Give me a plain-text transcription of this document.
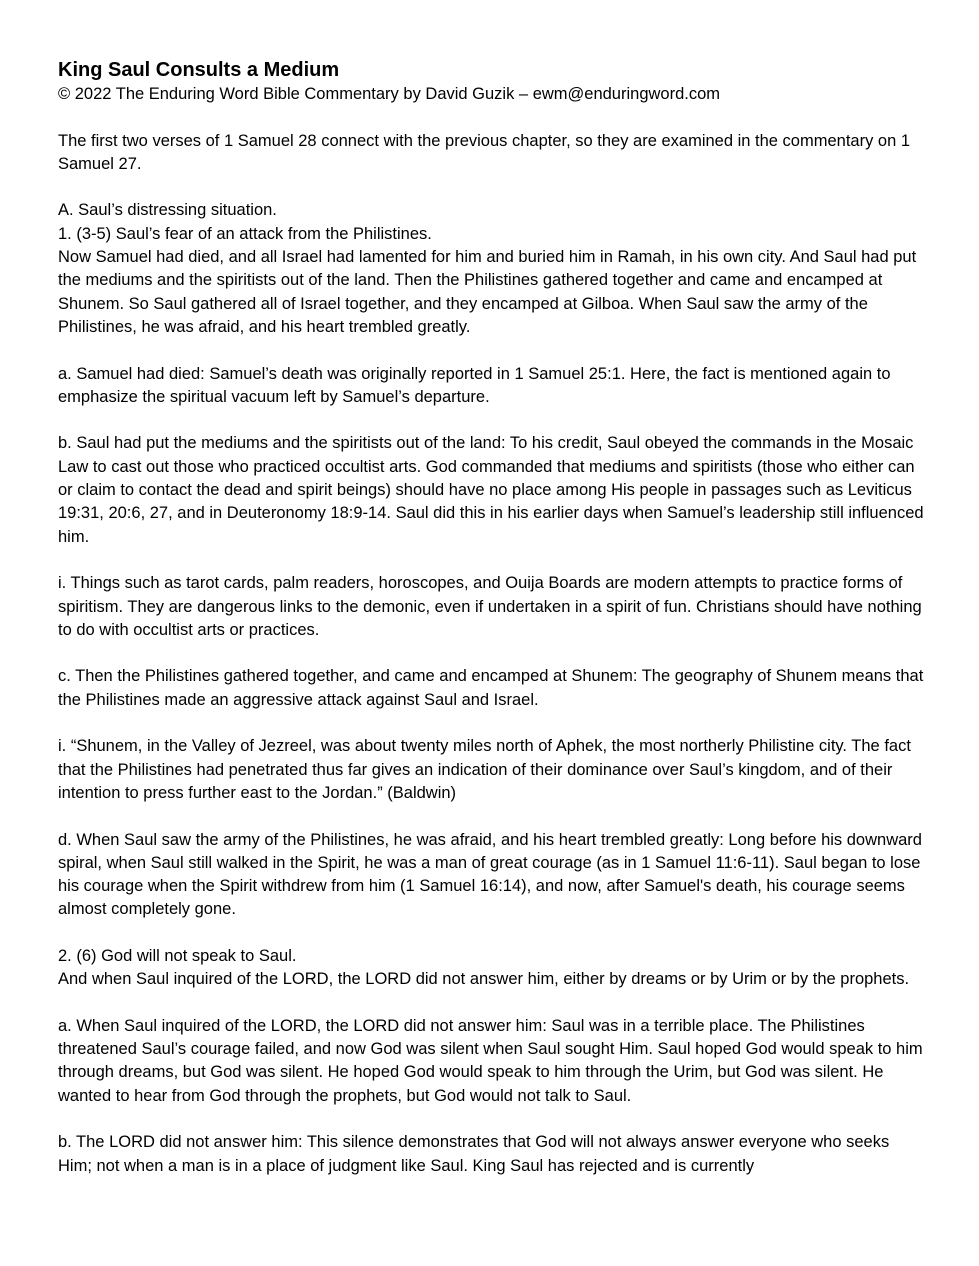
King Saul Consults a Medium

© 2022 The Enduring Word Bible Commentary by David Guzik – ewm@enduringword.com

The first two verses of 1 Samuel 28 connect with the previous chapter, so they are examined in the commentary on 1 Samuel 27.

A. Saul’s distressing situation.

1. (3-5) Saul’s fear of an attack from the Philistines.

Now Samuel had died, and all Israel had lamented for him and buried him in Ramah, in his own city. And Saul had put the mediums and the spiritists out of the land. Then the Philistines gathered together and came and encamped at Shunem. So Saul gathered all of Israel together, and they encamped at Gilboa. When Saul saw the army of the Philistines, he was afraid, and his heart trembled greatly.

a. Samuel had died: Samuel’s death was originally reported in 1 Samuel 25:1. Here, the fact is mentioned again to emphasize the spiritual vacuum left by Samuel’s departure.

b. Saul had put the mediums and the spiritists out of the land: To his credit, Saul obeyed the commands in the Mosaic Law to cast out those who practiced occultist arts. God commanded that mediums and spiritists (those who either can or claim to contact the dead and spirit beings) should have no place among His people in passages such as Leviticus 19:31, 20:6, 27, and in Deuteronomy 18:9-14. Saul did this in his earlier days when Samuel’s leadership still influenced him.

i. Things such as tarot cards, palm readers, horoscopes, and Ouija Boards are modern attempts to practice forms of spiritism. They are dangerous links to the demonic, even if undertaken in a spirit of fun. Christians should have nothing to do with occultist arts or practices.

c. Then the Philistines gathered together, and came and encamped at Shunem: The geography of Shunem means that the Philistines made an aggressive attack against Saul and Israel.

i. “Shunem, in the Valley of Jezreel, was about twenty miles north of Aphek, the most northerly Philistine city. The fact that the Philistines had penetrated thus far gives an indication of their dominance over Saul’s kingdom, and of their intention to press further east to the Jordan.” (Baldwin)

d. When Saul saw the army of the Philistines, he was afraid, and his heart trembled greatly: Long before his downward spiral, when Saul still walked in the Spirit, he was a man of great courage (as in 1 Samuel 11:6-11). Saul began to lose his courage when the Spirit withdrew from him (1 Samuel 16:14), and now, after Samuel's death, his courage seems almost completely gone.

2. (6) God will not speak to Saul.

And when Saul inquired of the LORD, the LORD did not answer him, either by dreams or by Urim or by the prophets.

a. When Saul inquired of the LORD, the LORD did not answer him: Saul was in a terrible place. The Philistines threatened Saul’s courage failed, and now God was silent when Saul sought Him. Saul hoped God would speak to him through dreams, but God was silent. He hoped God would speak to him through the Urim, but God was silent. He wanted to hear from God through the prophets, but God would not talk to Saul.

b. The LORD did not answer him: This silence demonstrates that God will not always answer everyone who seeks Him; not when a man is in a place of judgment like Saul. King Saul has rejected and is currently
